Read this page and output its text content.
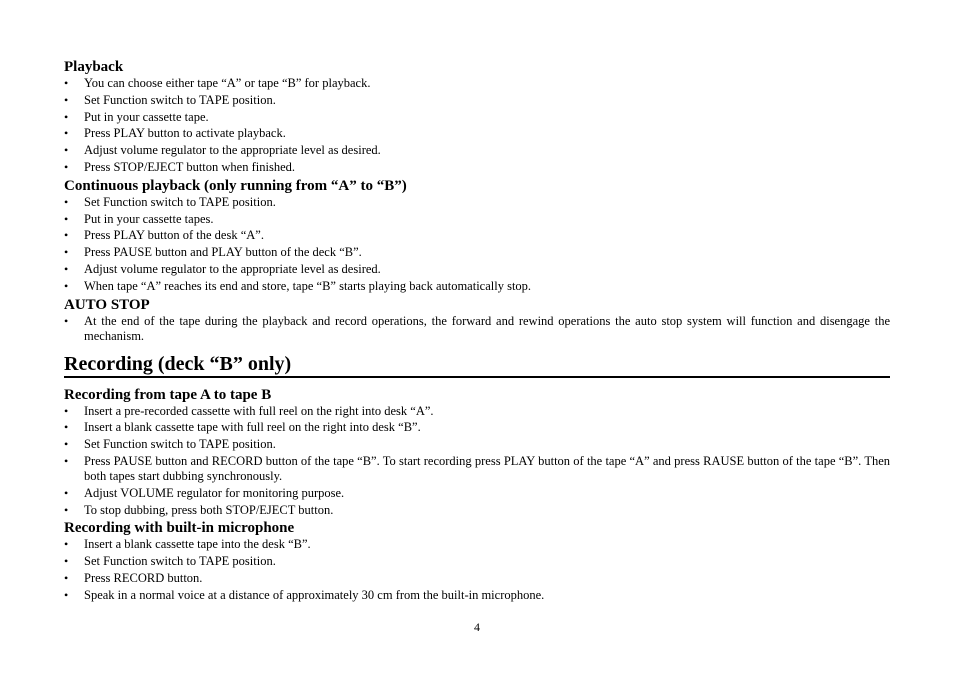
Playback
• You can choose either tape “A” or tape “B” for playback.
• Set Function switch to TAPE position.
• Put in your cassette tape.
• Press PLAY button to activate playback.
• Adjust volume regulator to the appropriate level as desired.
• Press STOP/EJECT button when finished.
Continuous playback (only running from “A” to “B”)
• Set Function switch to TAPE position.
• Put in your cassette tapes.
• Press PLAY button of the desk “A”.
• Press PAUSE button and PLAY button of the deck “B”.
• Adjust volume regulator to the appropriate level as desired.
• When tape “A” reaches its end and store, tape “B” starts playing back automatically stop.
AUTO STOP
• At the end of the tape during the playback and record operations, the forward and rewind operations the auto stop system will function and disengage the mechanism.
Recording (deck “B” only)
Recording from tape A to tape B
• Insert a pre-recorded cassette with full reel on the right into desk “A”.
• Insert a blank cassette tape with full reel on the right into desk “B”.
• Set Function switch to TAPE position.
• Press PAUSE button and RECORD button of the tape “B”. To start recording press PLAY button of the tape “A” and press RAUSE button of the tape “B”. Then both tapes start dubbing synchronously.
• Adjust VOLUME regulator for monitoring purpose.
• To stop dubbing, press both STOP/EJECT button.
Recording with built-in microphone
• Insert a blank cassette tape into the desk “B”.
• Set Function switch to TAPE position.
• Press RECORD button.
• Speak in a normal voice at a distance of approximately 30 cm from the built-in microphone.
4
